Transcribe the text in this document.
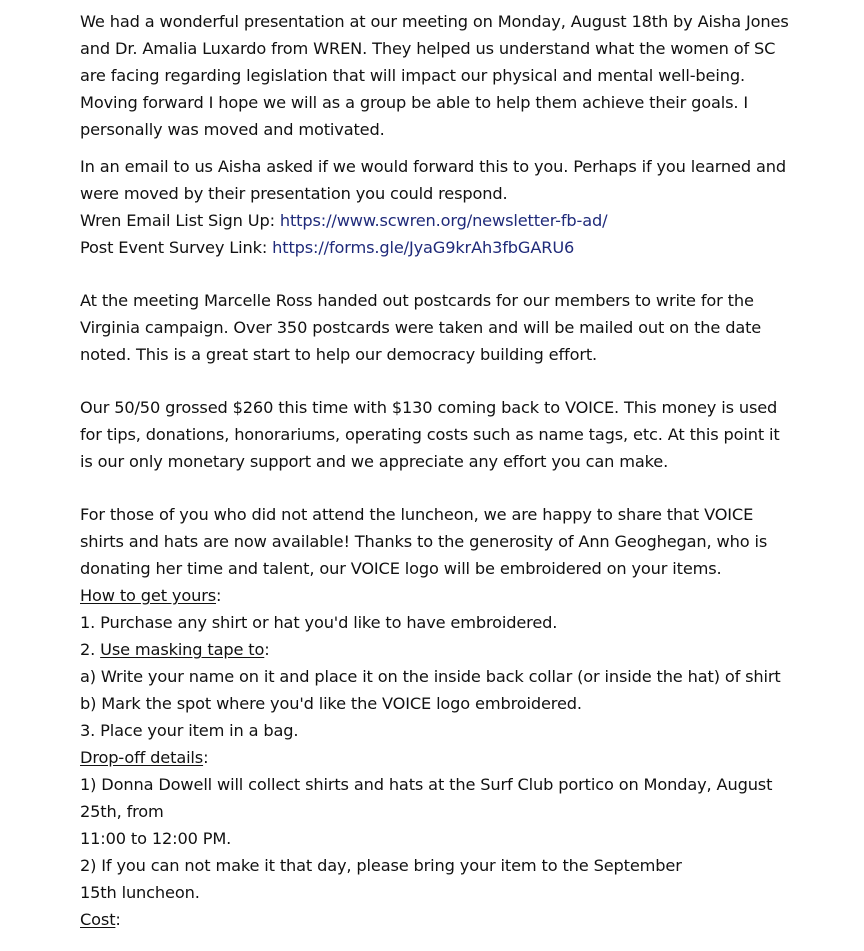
We had a wonderful presentation at our meeting on Monday, August 18th by Aisha Jones and Dr. Amalia Luxardo from WREN. They helped us understand what the women of SC are facing regarding legislation that will impact our physical and mental well-being. Moving forward I hope we will as a group be able to help them achieve their goals. I personally was moved and motivated.

In an email to us Aisha asked if we would forward this to you. Perhaps if you learned and were moved by their presentation you could respond.
Wren Email List Sign Up: https://www.scwren.org/newsletter-fb-ad/
Post Event Survey Link: https://forms.gle/JyaG9krAh3fbGARU6

At the meeting Marcelle Ross handed out postcards for our members to write for the Virginia campaign. Over 350 postcards were taken and will be mailed out on the date noted. This is a great start to help our democracy building effort.

Our 50/50 grossed $260 this time with $130 coming back to VOICE. This money is used for tips, donations, honorariums, operating costs such as name tags, etc. At this point it is our only monetary support and we appreciate any effort you can make.

For those of you who did not attend the luncheon, we are happy to share that VOICE shirts and hats are now available! Thanks to the generosity of Ann Geoghegan, who is donating her time and talent, our VOICE logo will be embroidered on your items.
How to get yours:
1. Purchase any shirt or hat you'd like to have embroidered.
2. Use masking tape to:
a) Write your name on it and place it on the inside back collar (or inside the hat) of shirt
b) Mark the spot where you'd like the VOICE logo embroidered.
3. Place your item in a bag.
Drop-off details:
1) Donna Dowell will collect shirts and hats at the Surf Club portico on Monday, August 25th, from
11:00 to 12:00 PM.
2) If you can not make it that day, please bring your item to the September
15th luncheon.
Cost:
